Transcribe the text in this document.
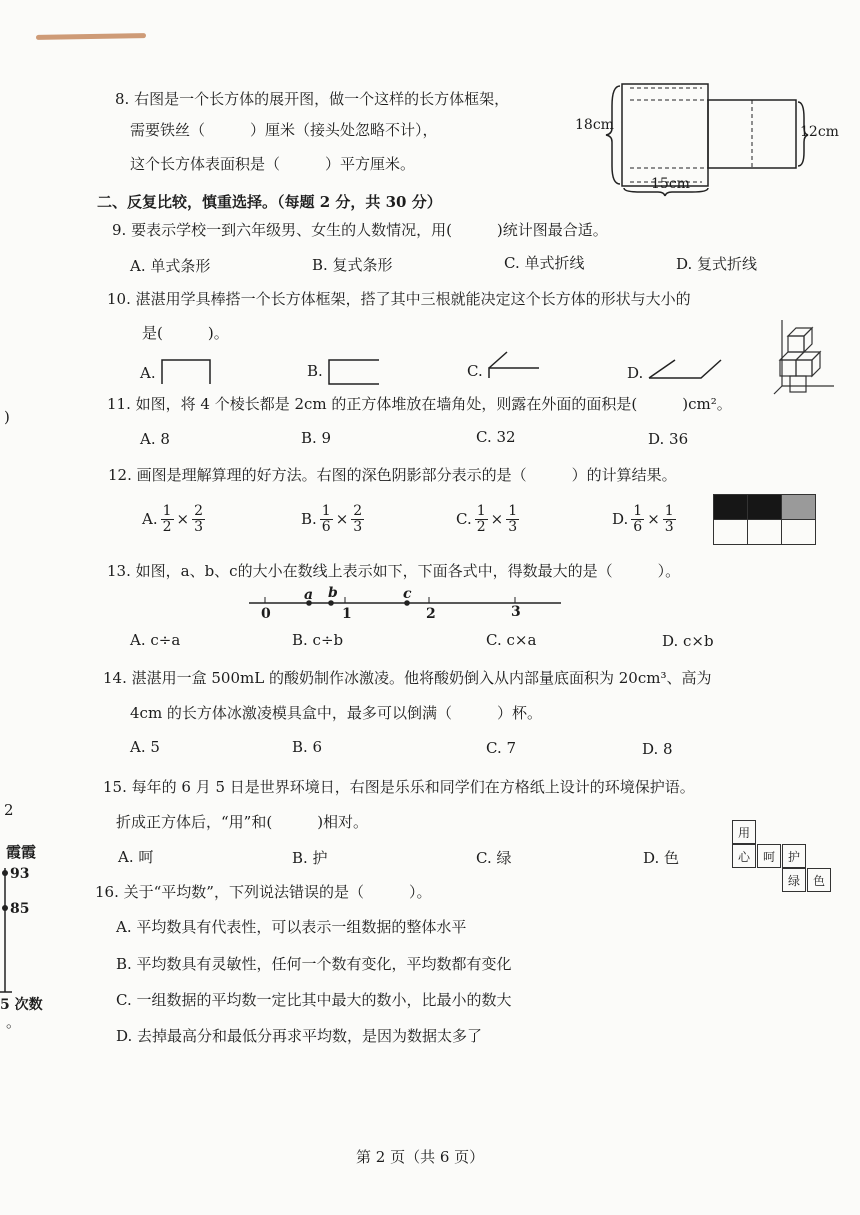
)
2
霞霞
93
85
5 次数
。
8. 右图是一个长方体的展开图，做一个这样的长方体框架，
需要铁丝（　　　）厘米（接头处忽略不计），
这个长方体表面积是（　　　）平方厘米。
18cm	12cm
15cm
二、反复比较，慎重选择。（每题 2 分，共 30 分）
9. 要表示学校一到六年级男、女生的人数情况，用(　　　)统计图最合适。
A. 单式条形	B. 复式条形	C. 单式折线	D. 复式折线
10. 湛湛用学具棒搭一个长方体框架，搭了其中三根就能决定这个长方体的形状与大小的
是(　　　)。
A.	B.	C.	D.
11. 如图，将 4 个棱长都是 2cm 的正方体堆放在墙角处，则露在外面的面积是(　　　)cm²。
A. 8	B. 9	C. 32	D. 36
12. 画图是理解算理的好方法。右图的深色阴影部分表示的是（　　　）的计算结果。
A. $\frac{1}{2} \times \frac{2}{3}$	B. $\frac{1}{6} \times \frac{2}{3}$	C. $\frac{1}{2} \times \frac{1}{3}$	D. $\frac{1}{6} \times \frac{1}{3}$

13. 如图，a、b、c的大小在数线上表示如下，下面各式中，得数最大的是（　　　）。
0	1	2	3
a b	c
A. c÷a	B. c÷b	C. c×a	D. c×b
14. 湛湛用一盒 500mL 的酸奶制作冰激凌。他将酸奶倒入从内部量底面积为 20cm³、高为
4cm 的长方体冰激凌模具盒中，最多可以倒满（　　　）杯。
A. 5	B. 6	C. 7	D. 8
15. 每年的 6 月 5 日是世界环境日，右图是乐乐和同学们在方格纸上设计的环境保护语。
折成正方体后，“用”和(　　　)相对。
A. 呵	B. 护	C. 绿	D. 色
用
心	呵	护
绿	色
16. 关于“平均数”，下列说法错误的是（　　　）。
A. 平均数具有代表性，可以表示一组数据的整体水平
B. 平均数具有灵敏性，任何一个数有变化，平均数都有变化
C. 一组数据的平均数一定比其中最大的数小，比最小的数大
D. 去掉最高分和最低分再求平均数，是因为数据太多了
第 2 页（共 6 页）
